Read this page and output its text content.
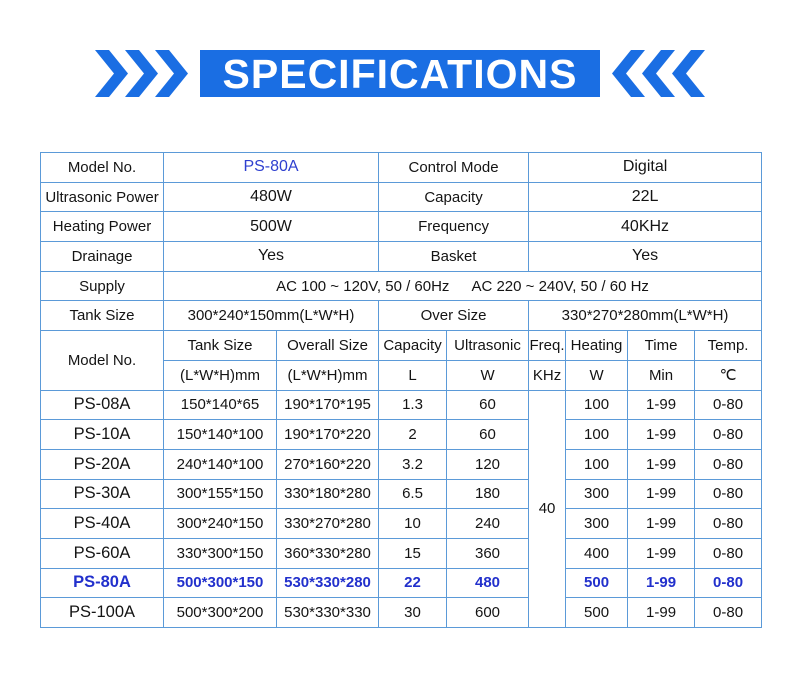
SPECIFICATIONS
Model No.	PS-80A		Control Mode		Digital			
Ultrasonic Power	480W		Capacity		22L			
Heating Power	500W		Frequency		40KHz			
Drainage	Yes		Basket		Yes			
Supply	AC 100 ~ 120V, 50 / 60Hz AC 220 ~ 240V, 50 / 60 Hz							
Tank Size	300*240*150mm(L*W*H)		Over Size		330*270*280mm(L*W*H)			
Model No.	Tank Size	Overall Size	Capacity	Ultrasonic	Freq.	Heating	Time	Temp.
	(L*W*H)mm	(L*W*H)mm	L	W	KHz	W	Min	℃
PS-08A	150*140*65	190*170*195	1.3	60	40	100	1-99	0-80
PS-10A	150*140*100	190*170*220	2	60		100	1-99	0-80
PS-20A	240*140*100	270*160*220	3.2	120		100	1-99	0-80
PS-30A	300*155*150	330*180*280	6.5	180		300	1-99	0-80
PS-40A	300*240*150	330*270*280	10	240		300	1-99	0-80
PS-60A	330*300*150	360*330*280	15	360		400	1-99	0-80
PS-80A	500*300*150	530*330*280	22	480		500	1-99	0-80
PS-100A	500*300*200	530*330*330	30	600		500	1-99	0-80
